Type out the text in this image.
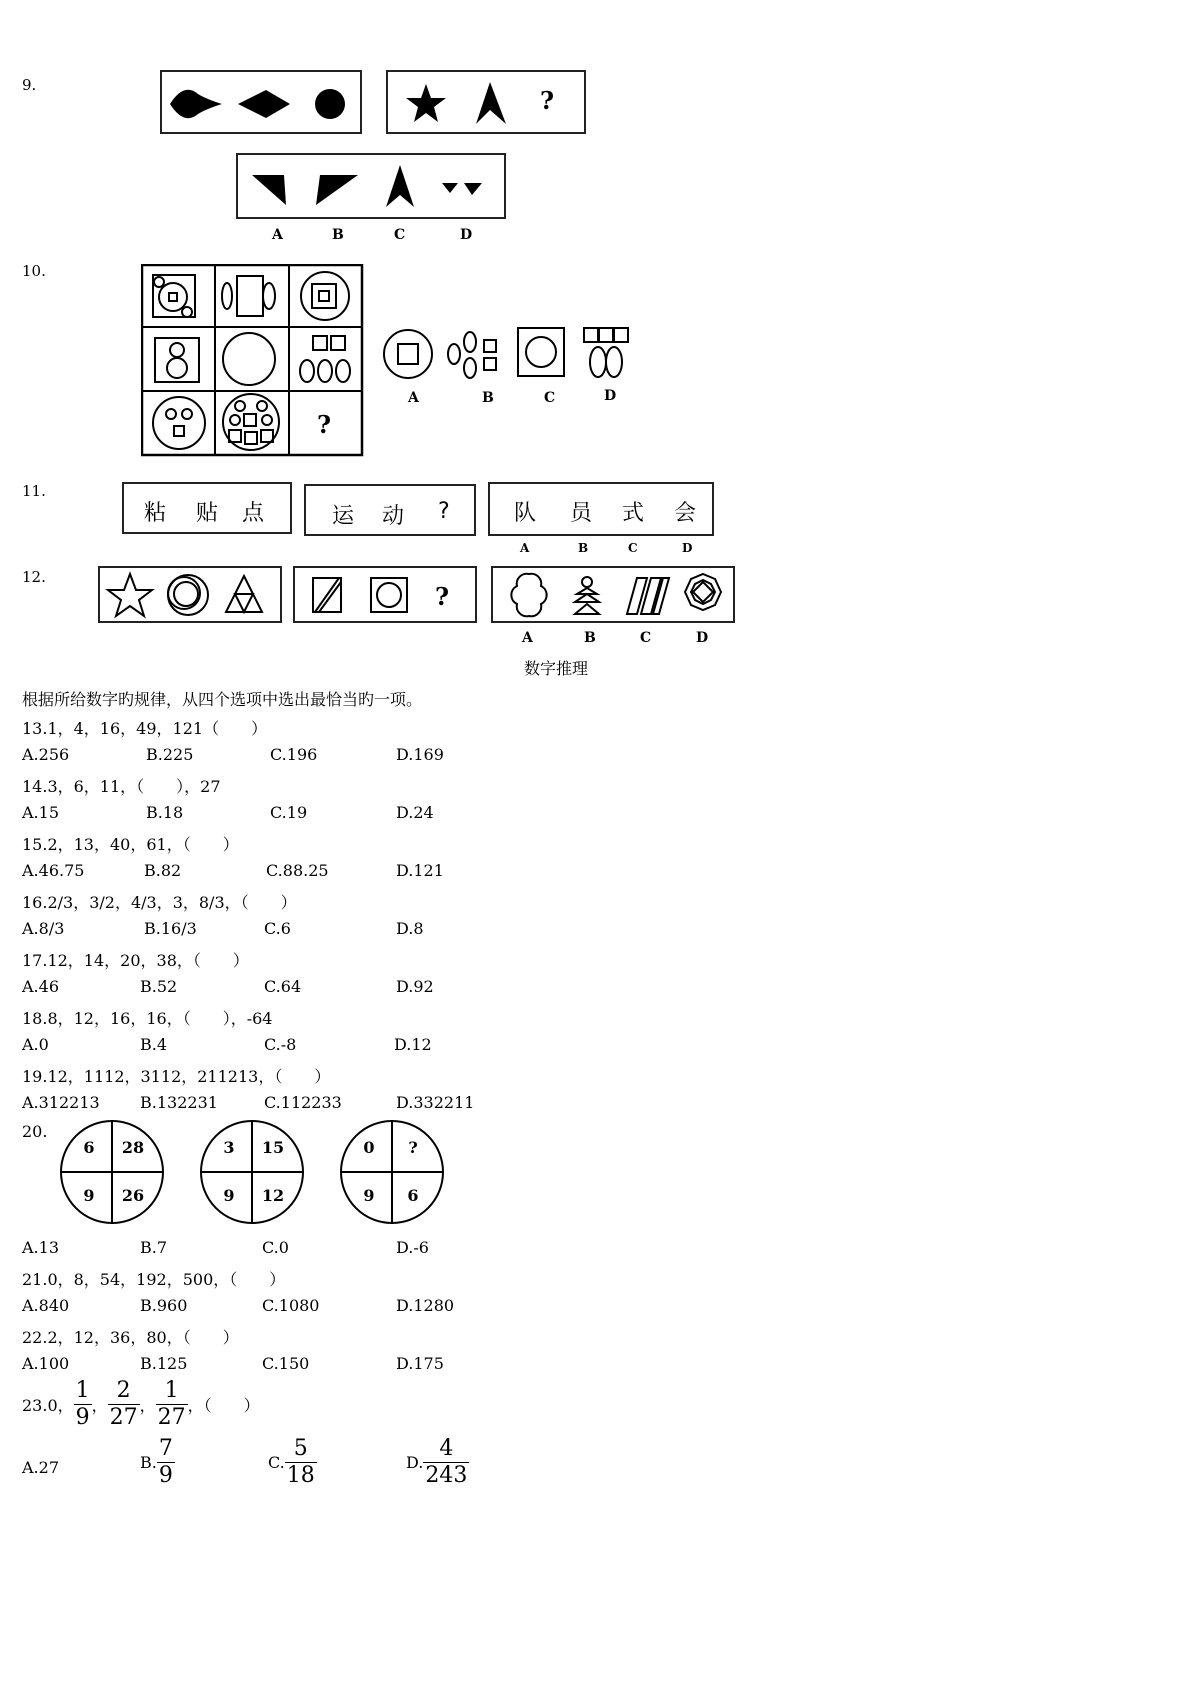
9.
?
A	B	C	D
10.
?
A	B	C	D
11.
粘 贴 点	运 动 ?	队 员 式 会
A	B	C	D
12.
?
A	B	C	D
数字推理
根据所给数字旳规律，从四个选项中选出最恰当旳一项。
13.1，4，16，49，121（　　）
A.256	B.225	C.196	D.169
14.3，6，11，（　　），27
A.15	B.18	C.19	D.24
15.2，13，40，61，（　　）
A.46.75	B.82	C.88.25	D.121
16.2/3，3/2，4/3，3，8/3，（　　）
A.8/3	B.16/3	C.6	D.8
17.12，14，20，38，（　　）
A.46	B.52	C.64	D.92
18.8，12，16，16，（　　），-64
A.0	B.4	C.-8	D.12
19.12，1112，3112，211213，（　　）
A.312213	B.132231	C.112233	D.332211
20.
6	28
9	26
3	15
9	12
0	?
9	6
A.13	B.7	C.0	D.-6
21.0，8，54，192，500，（　　）
A.840	B.960	C.1080	D.1280
22.2，12，36，80，（　　）
A.100	B.125	C.150	D.175
23.0， $\frac{1}{9}$ ， $\frac{2}{27}$ ， $\frac{1}{27}$ ，（　　）
A.27	B. $\frac{7}{9}$	C. $\frac{5}{18}$	D. $\frac{4}{243}$
